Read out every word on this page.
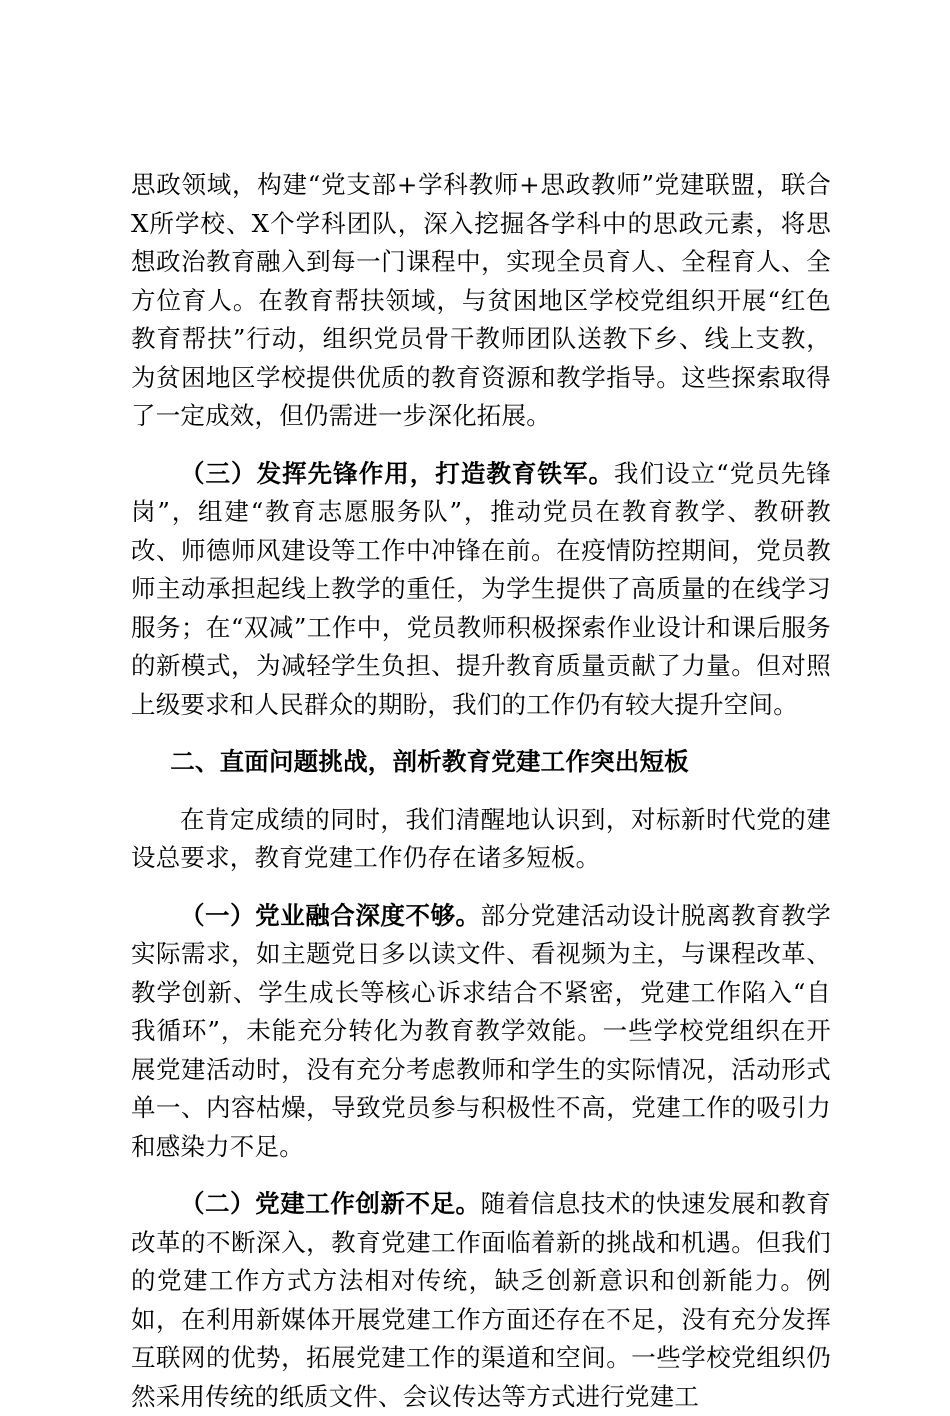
思政领域，构建“党支部+学科教师+思政教师”党建联盟，联合X所学校、X个学科团队，深入挖掘各学科中的思政元素，将思想政治教育融入到每一门课程中，实现全员育人、全程育人、全方位育人。在教育帮扶领域，与贫困地区学校党组织开展“红色教育帮扶”行动，组织党员骨干教师团队送教下乡、线上支教，为贫困地区学校提供优质的教育资源和教学指导。这些探索取得了一定成效，但仍需进一步深化拓展。

（三）发挥先锋作用，打造教育铁军。我们设立“党员先锋岗”，组建“教育志愿服务队”，推动党员在教育教学、教研教改、师德师风建设等工作中冲锋在前。在疫情防控期间，党员教师主动承担起线上教学的重任，为学生提供了高质量的在线学习服务；在“双减”工作中，党员教师积极探索作业设计和课后服务的新模式，为减轻学生负担、提升教育质量贡献了力量。但对照上级要求和人民群众的期盼，我们的工作仍有较大提升空间。

二、直面问题挑战，剖析教育党建工作突出短板

在肯定成绩的同时，我们清醒地认识到，对标新时代党的建设总要求，教育党建工作仍存在诸多短板。

（一）党业融合深度不够。部分党建活动设计脱离教育教学实际需求，如主题党日多以读文件、看视频为主，与课程改革、教学创新、学生成长等核心诉求结合不紧密，党建工作陷入“自我循环”，未能充分转化为教育教学效能。一些学校党组织在开展党建活动时，没有充分考虑教师和学生的实际情况，活动形式单一、内容枯燥，导致党员参与积极性不高，党建工作的吸引力和感染力不足。

（二）党建工作创新不足。随着信息技术的快速发展和教育改革的不断深入，教育党建工作面临着新的挑战和机遇。但我们的党建工作方式方法相对传统，缺乏创新意识和创新能力。例如，在利用新媒体开展党建工作方面还存在不足，没有充分发挥互联网的优势，拓展党建工作的渠道和空间。一些学校党组织仍然采用传统的纸质文件、会议传达等方式进行党建工
